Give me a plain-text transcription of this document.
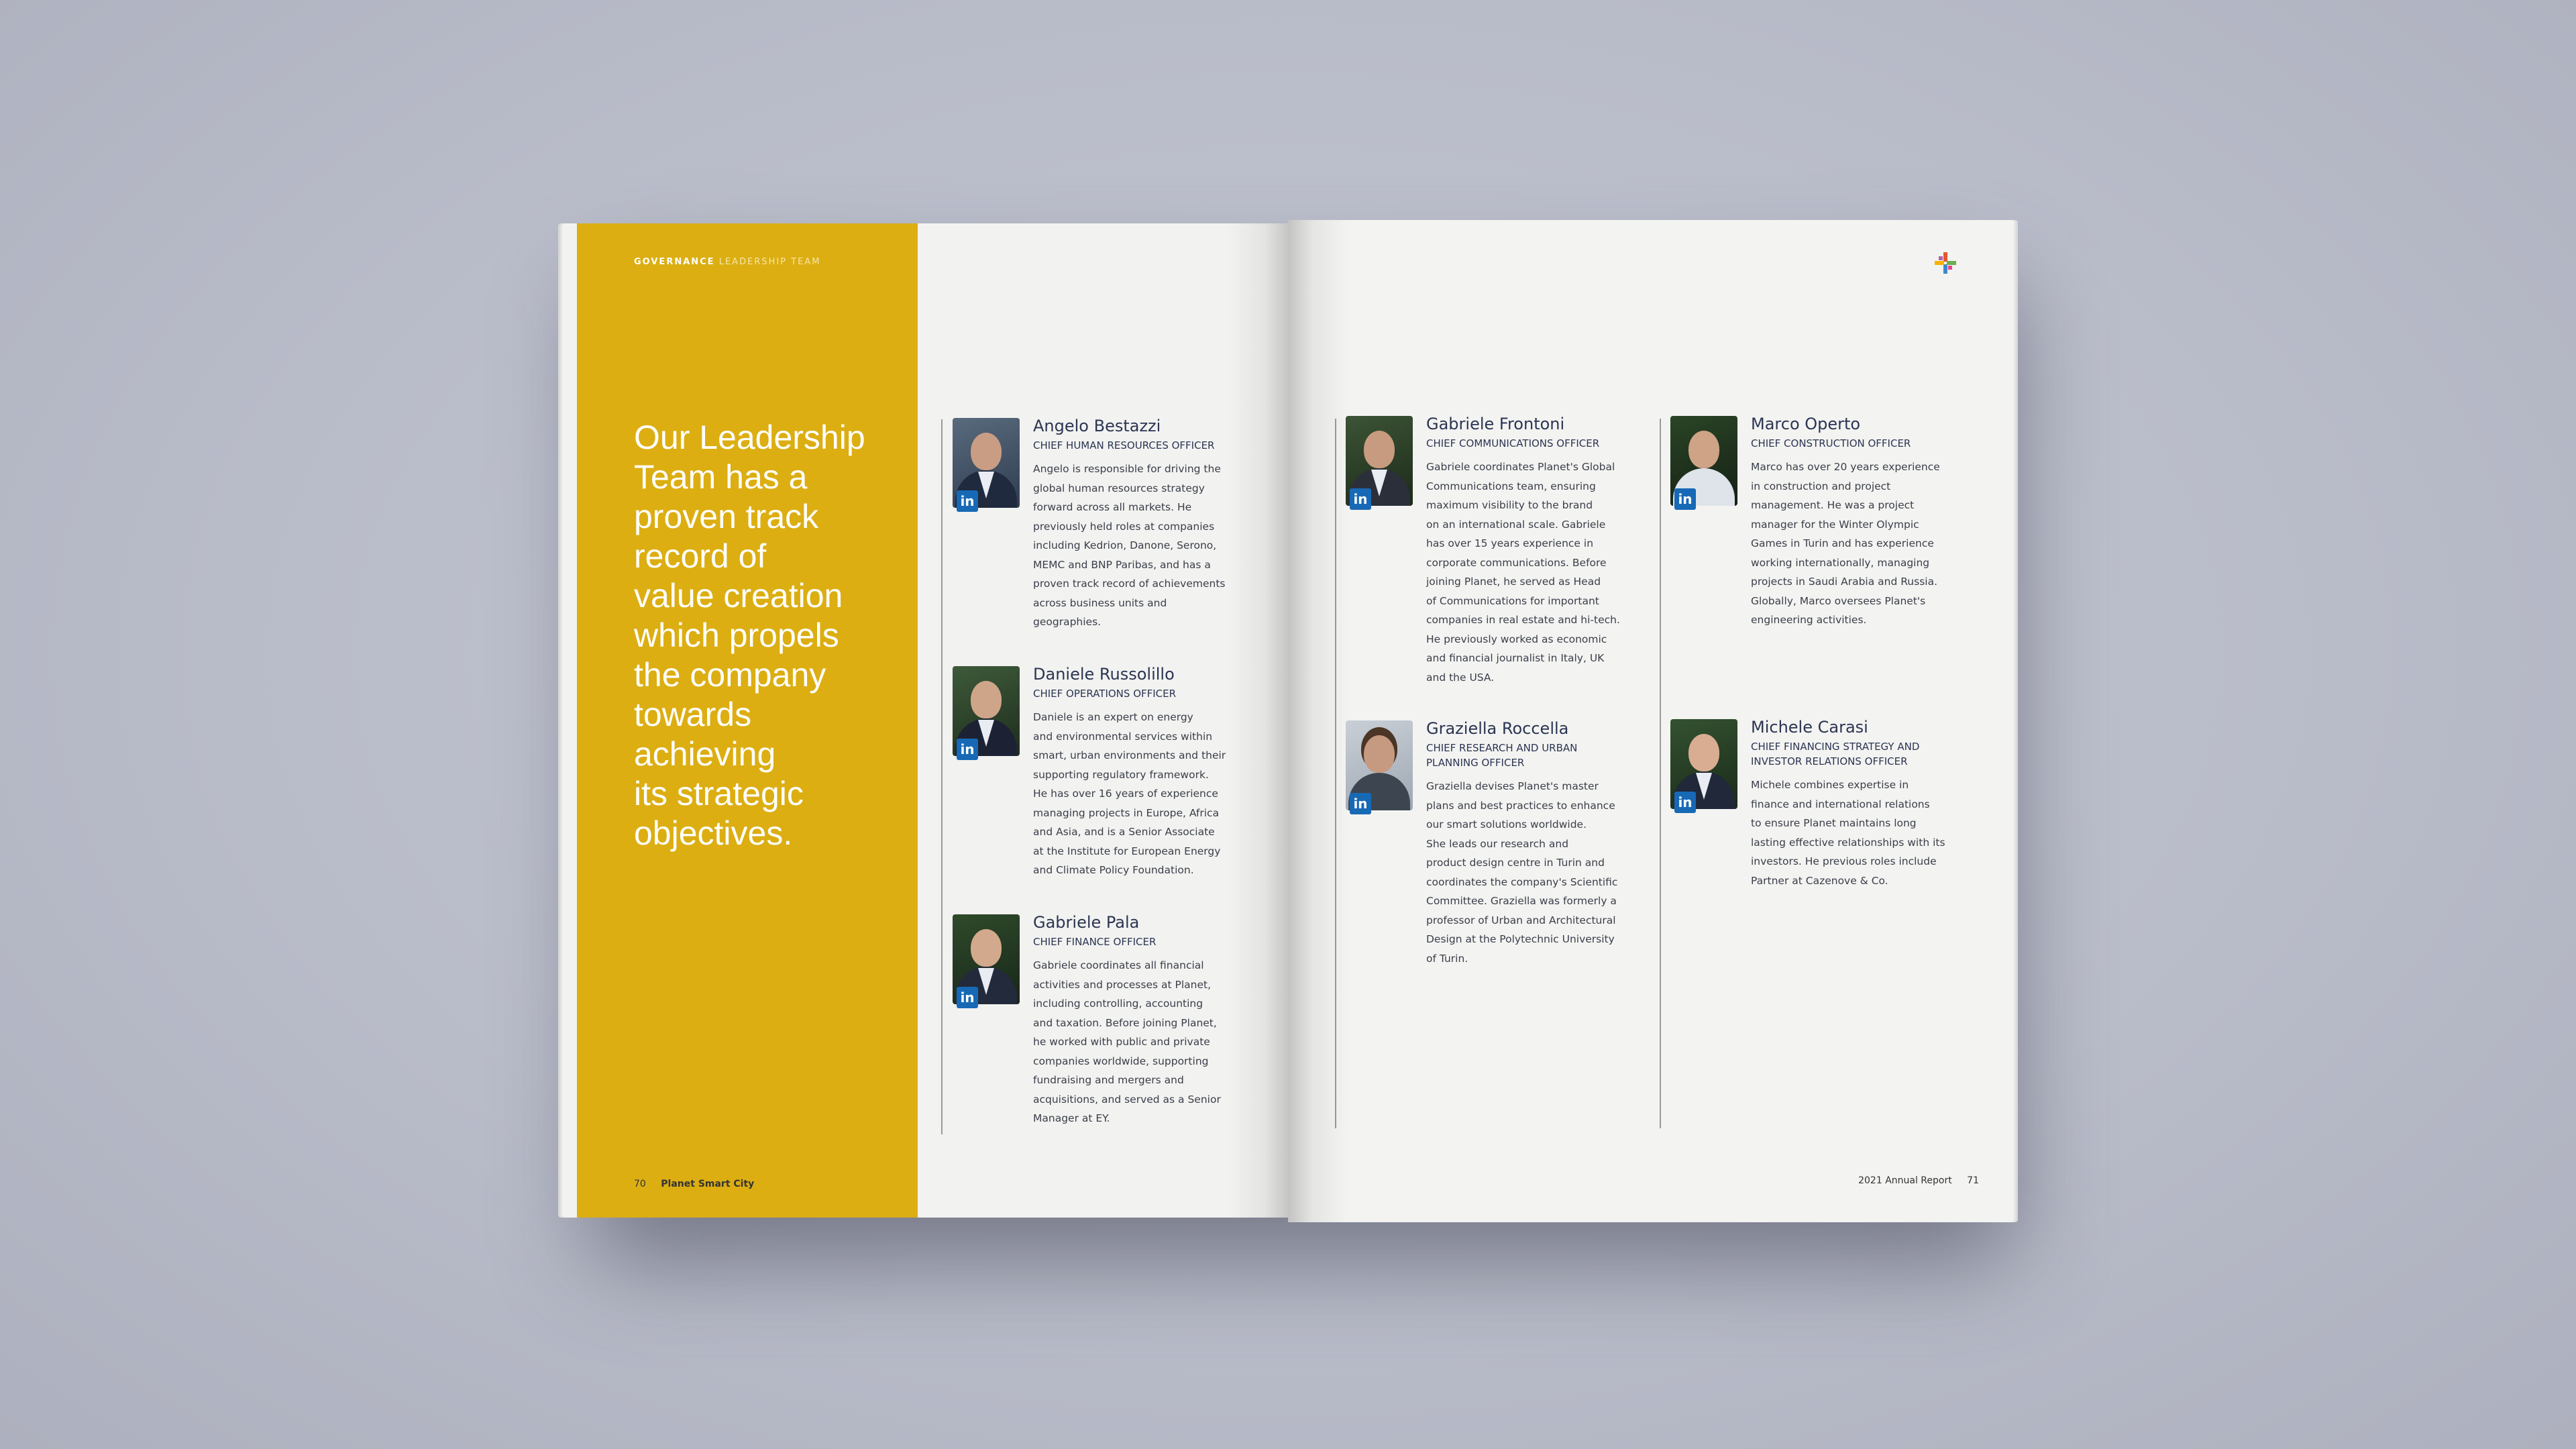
GOVERNANCE LEADERSHIP TEAM
Our Leadership
Team has a
proven track
record of
value creation
which propels
the company
towards
achieving
its strategic
objectives.
70 Planet Smart City
in
Angelo Bestazzi
CHIEF HUMAN RESOURCES OFFICER
Angelo is responsible for driving the
global human resources strategy
forward across all markets. He
previously held roles at companies
including Kedrion, Danone, Serono,
MEMC and BNP Paribas, and has a
proven track record of achievements
across business units and
geographies.
in
Daniele Russolillo
CHIEF OPERATIONS OFFICER
Daniele is an expert on energy
and environmental services within
smart, urban environments and their
supporting regulatory framework.
He has over 16 years of experience
managing projects in Europe, Africa
and Asia, and is a Senior Associate
at the Institute for European Energy
and Climate Policy Foundation.
in
Gabriele Pala
CHIEF FINANCE OFFICER
Gabriele coordinates all financial
activities and processes at Planet,
including controlling, accounting
and taxation. Before joining Planet,
he worked with public and private
companies worldwide, supporting
fundraising and mergers and
acquisitions, and served as a Senior
Manager at EY.
in
Gabriele Frontoni
CHIEF COMMUNICATIONS OFFICER
Gabriele coordinates Planet's Global
Communications team, ensuring
maximum visibility to the brand
on an international scale. Gabriele
has over 15 years experience in
corporate communications. Before
joining Planet, he served as Head
of Communications for important
companies in real estate and hi-tech.
He previously worked as economic
and financial journalist in Italy, UK
and the USA.
in
Graziella Roccella
CHIEF RESEARCH AND URBAN
PLANNING OFFICER
Graziella devises Planet's master
plans and best practices to enhance
our smart solutions worldwide.
She leads our research and
product design centre in Turin and
coordinates the company's Scientific
Committee. Graziella was formerly a
professor of Urban and Architectural
Design at the Polytechnic University
of Turin.
in
Marco Operto
CHIEF CONSTRUCTION OFFICER
Marco has over 20 years experience
in construction and project
management. He was a project
manager for the Winter Olympic
Games in Turin and has experience
working internationally, managing
projects in Saudi Arabia and Russia.
Globally, Marco oversees Planet's
engineering activities.
in
Michele Carasi
CHIEF FINANCING STRATEGY AND
INVESTOR RELATIONS OFFICER
Michele combines expertise in
finance and international relations
to ensure Planet maintains long
lasting effective relationships with its
investors. He previous roles include
Partner at Cazenove & Co.
2021 Annual Report 71
